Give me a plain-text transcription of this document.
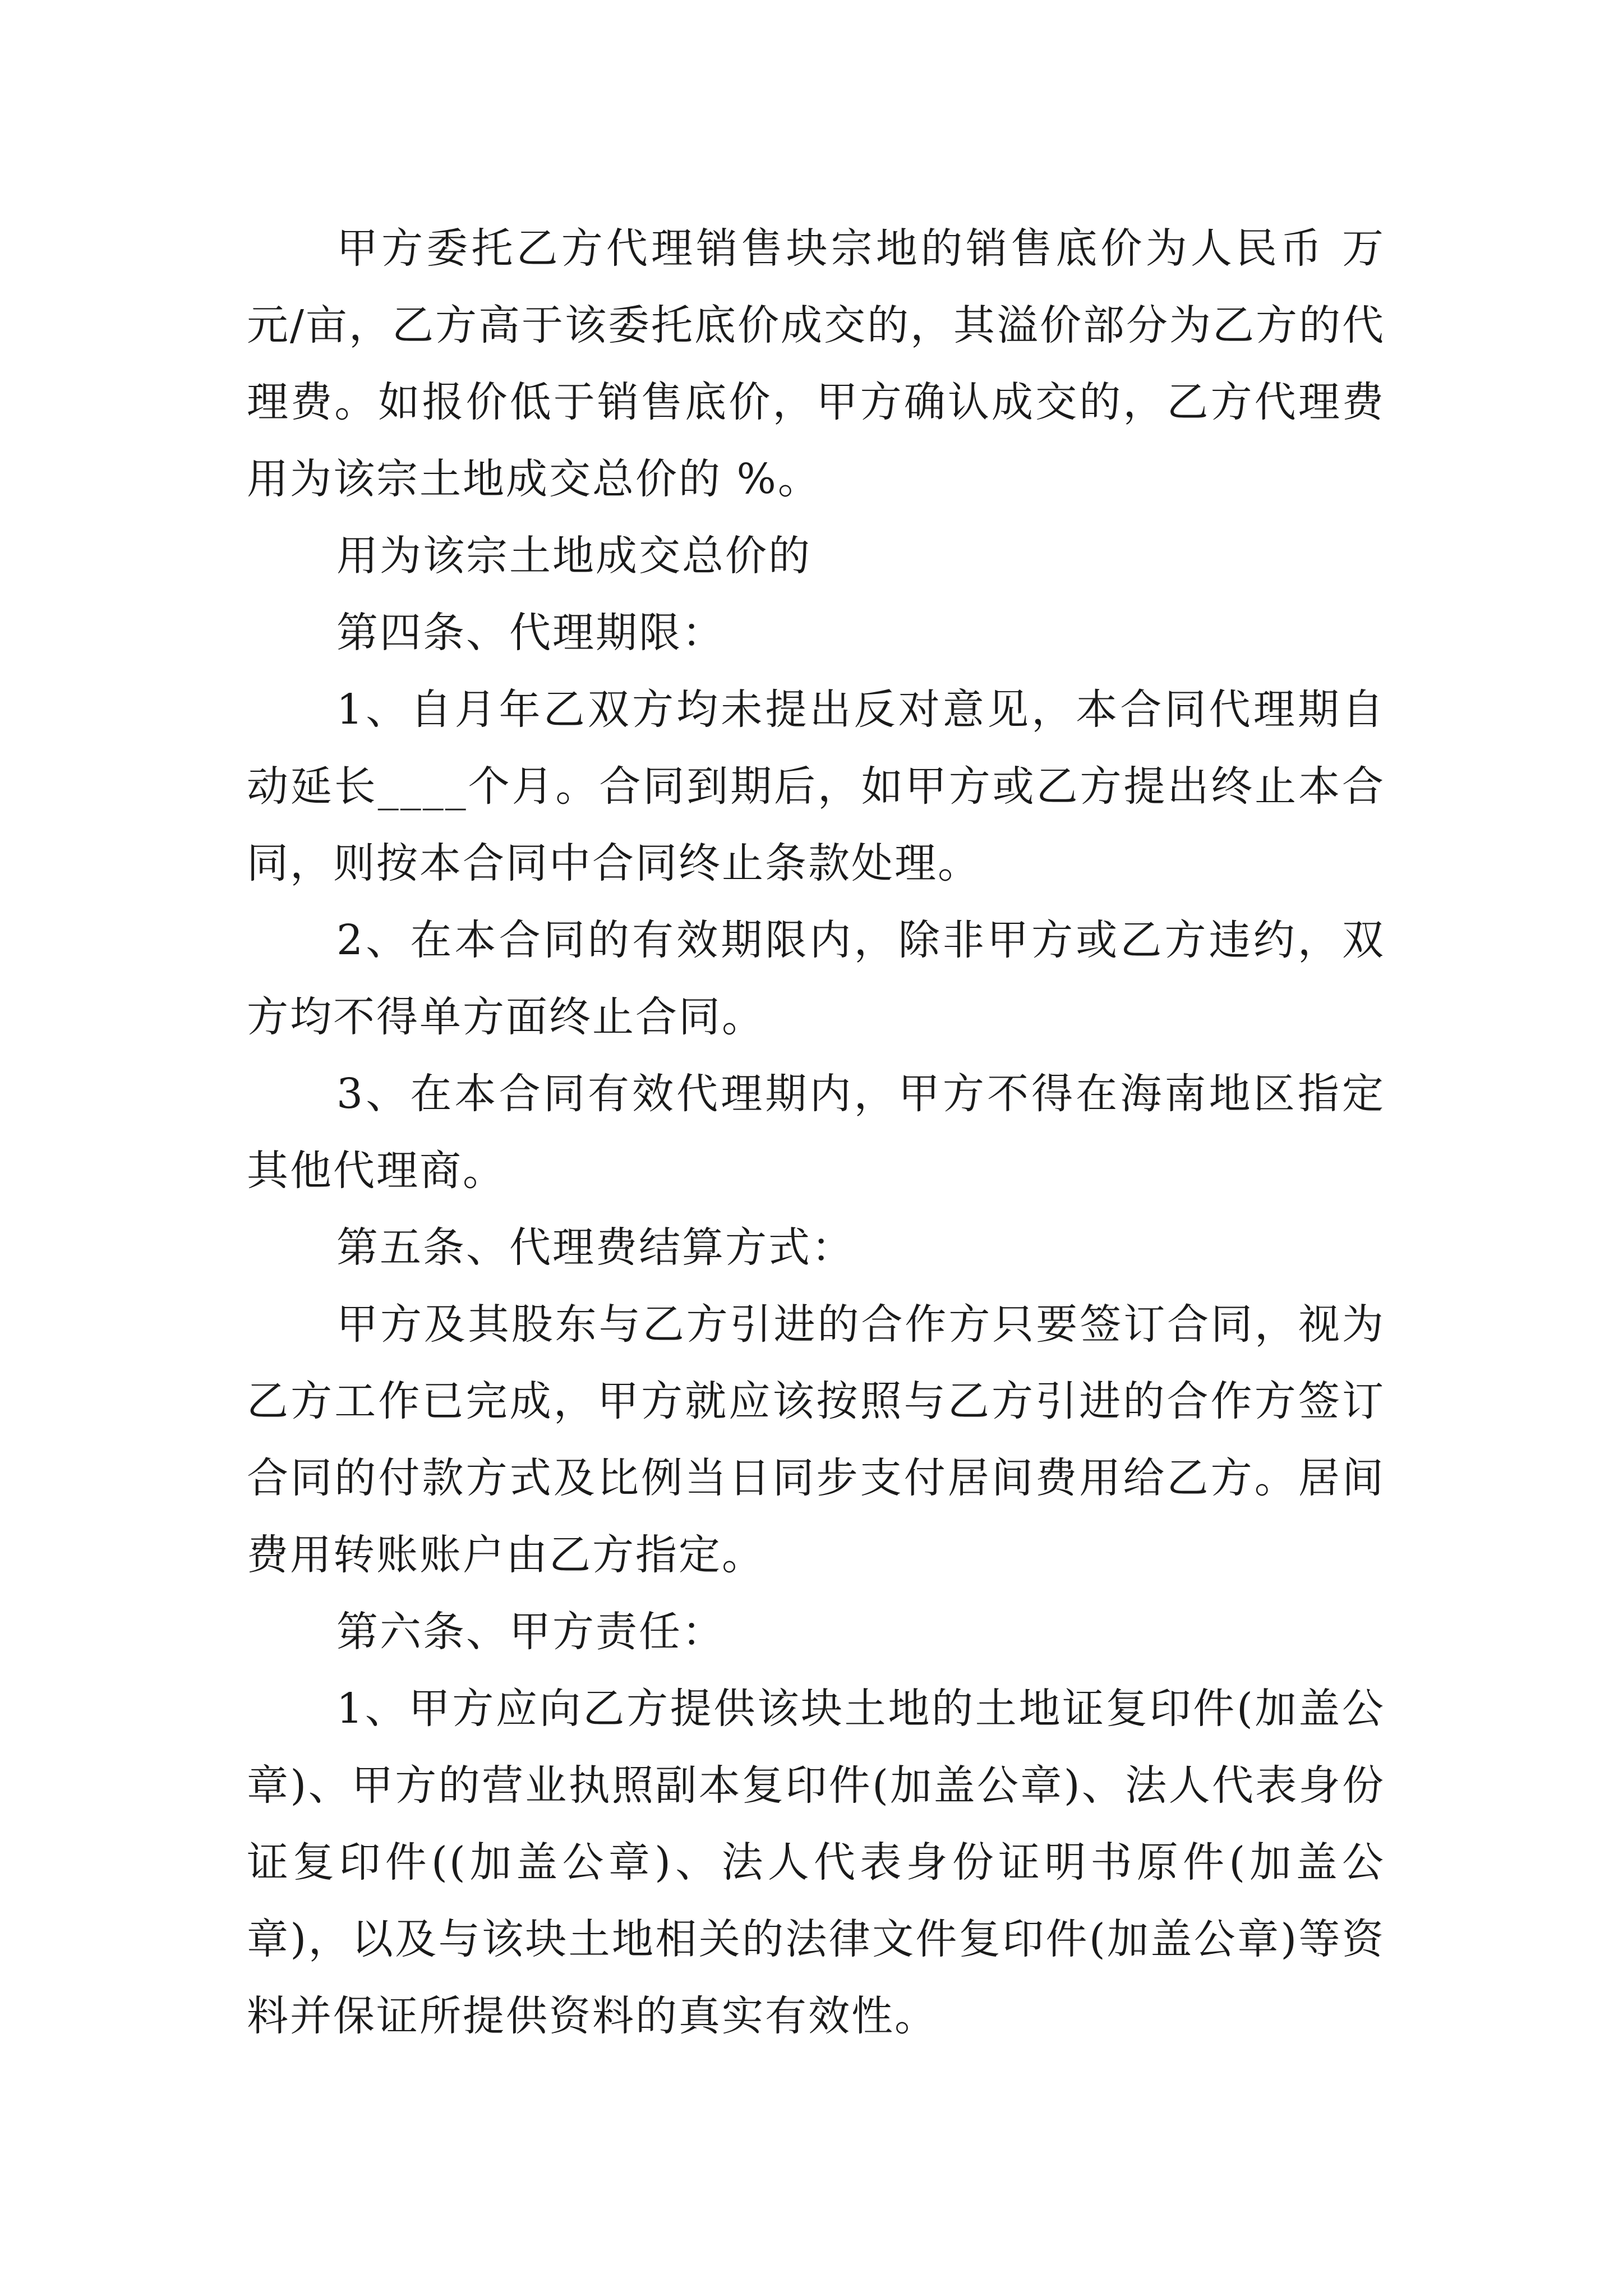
甲方委托乙方代理销售块宗地的销售底价为人民币 万元/亩，乙方高于该委托底价成交的，其溢价部分为乙方的代理费。如报价低于销售底价，甲方确认成交的，乙方代理费用为该宗土地成交总价的 %。

用为该宗土地成交总价的

第四条、代理期限：

1、自月年乙双方均未提出反对意见，本合同代理期自动延长____个月。合同到期后，如甲方或乙方提出终止本合同，则按本合同中合同终止条款处理。

2、在本合同的有效期限内，除非甲方或乙方违约，双方均不得单方面终止合同。

3、在本合同有效代理期内，甲方不得在海南地区指定其他代理商。

第五条、代理费结算方式：

甲方及其股东与乙方引进的合作方只要签订合同，视为乙方工作已完成，甲方就应该按照与乙方引进的合作方签订合同的付款方式及比例当日同步支付居间费用给乙方。居间费用转账账户由乙方指定。

第六条、甲方责任：

1、甲方应向乙方提供该块土地的土地证复印件(加盖公章)、甲方的营业执照副本复印件(加盖公章)、法人代表身份证复印件((加盖公章)、法人代表身份证明书原件(加盖公章)，以及与该块土地相关的法律文件复印件(加盖公章)等资料并保证所提供资料的真实有效性。
